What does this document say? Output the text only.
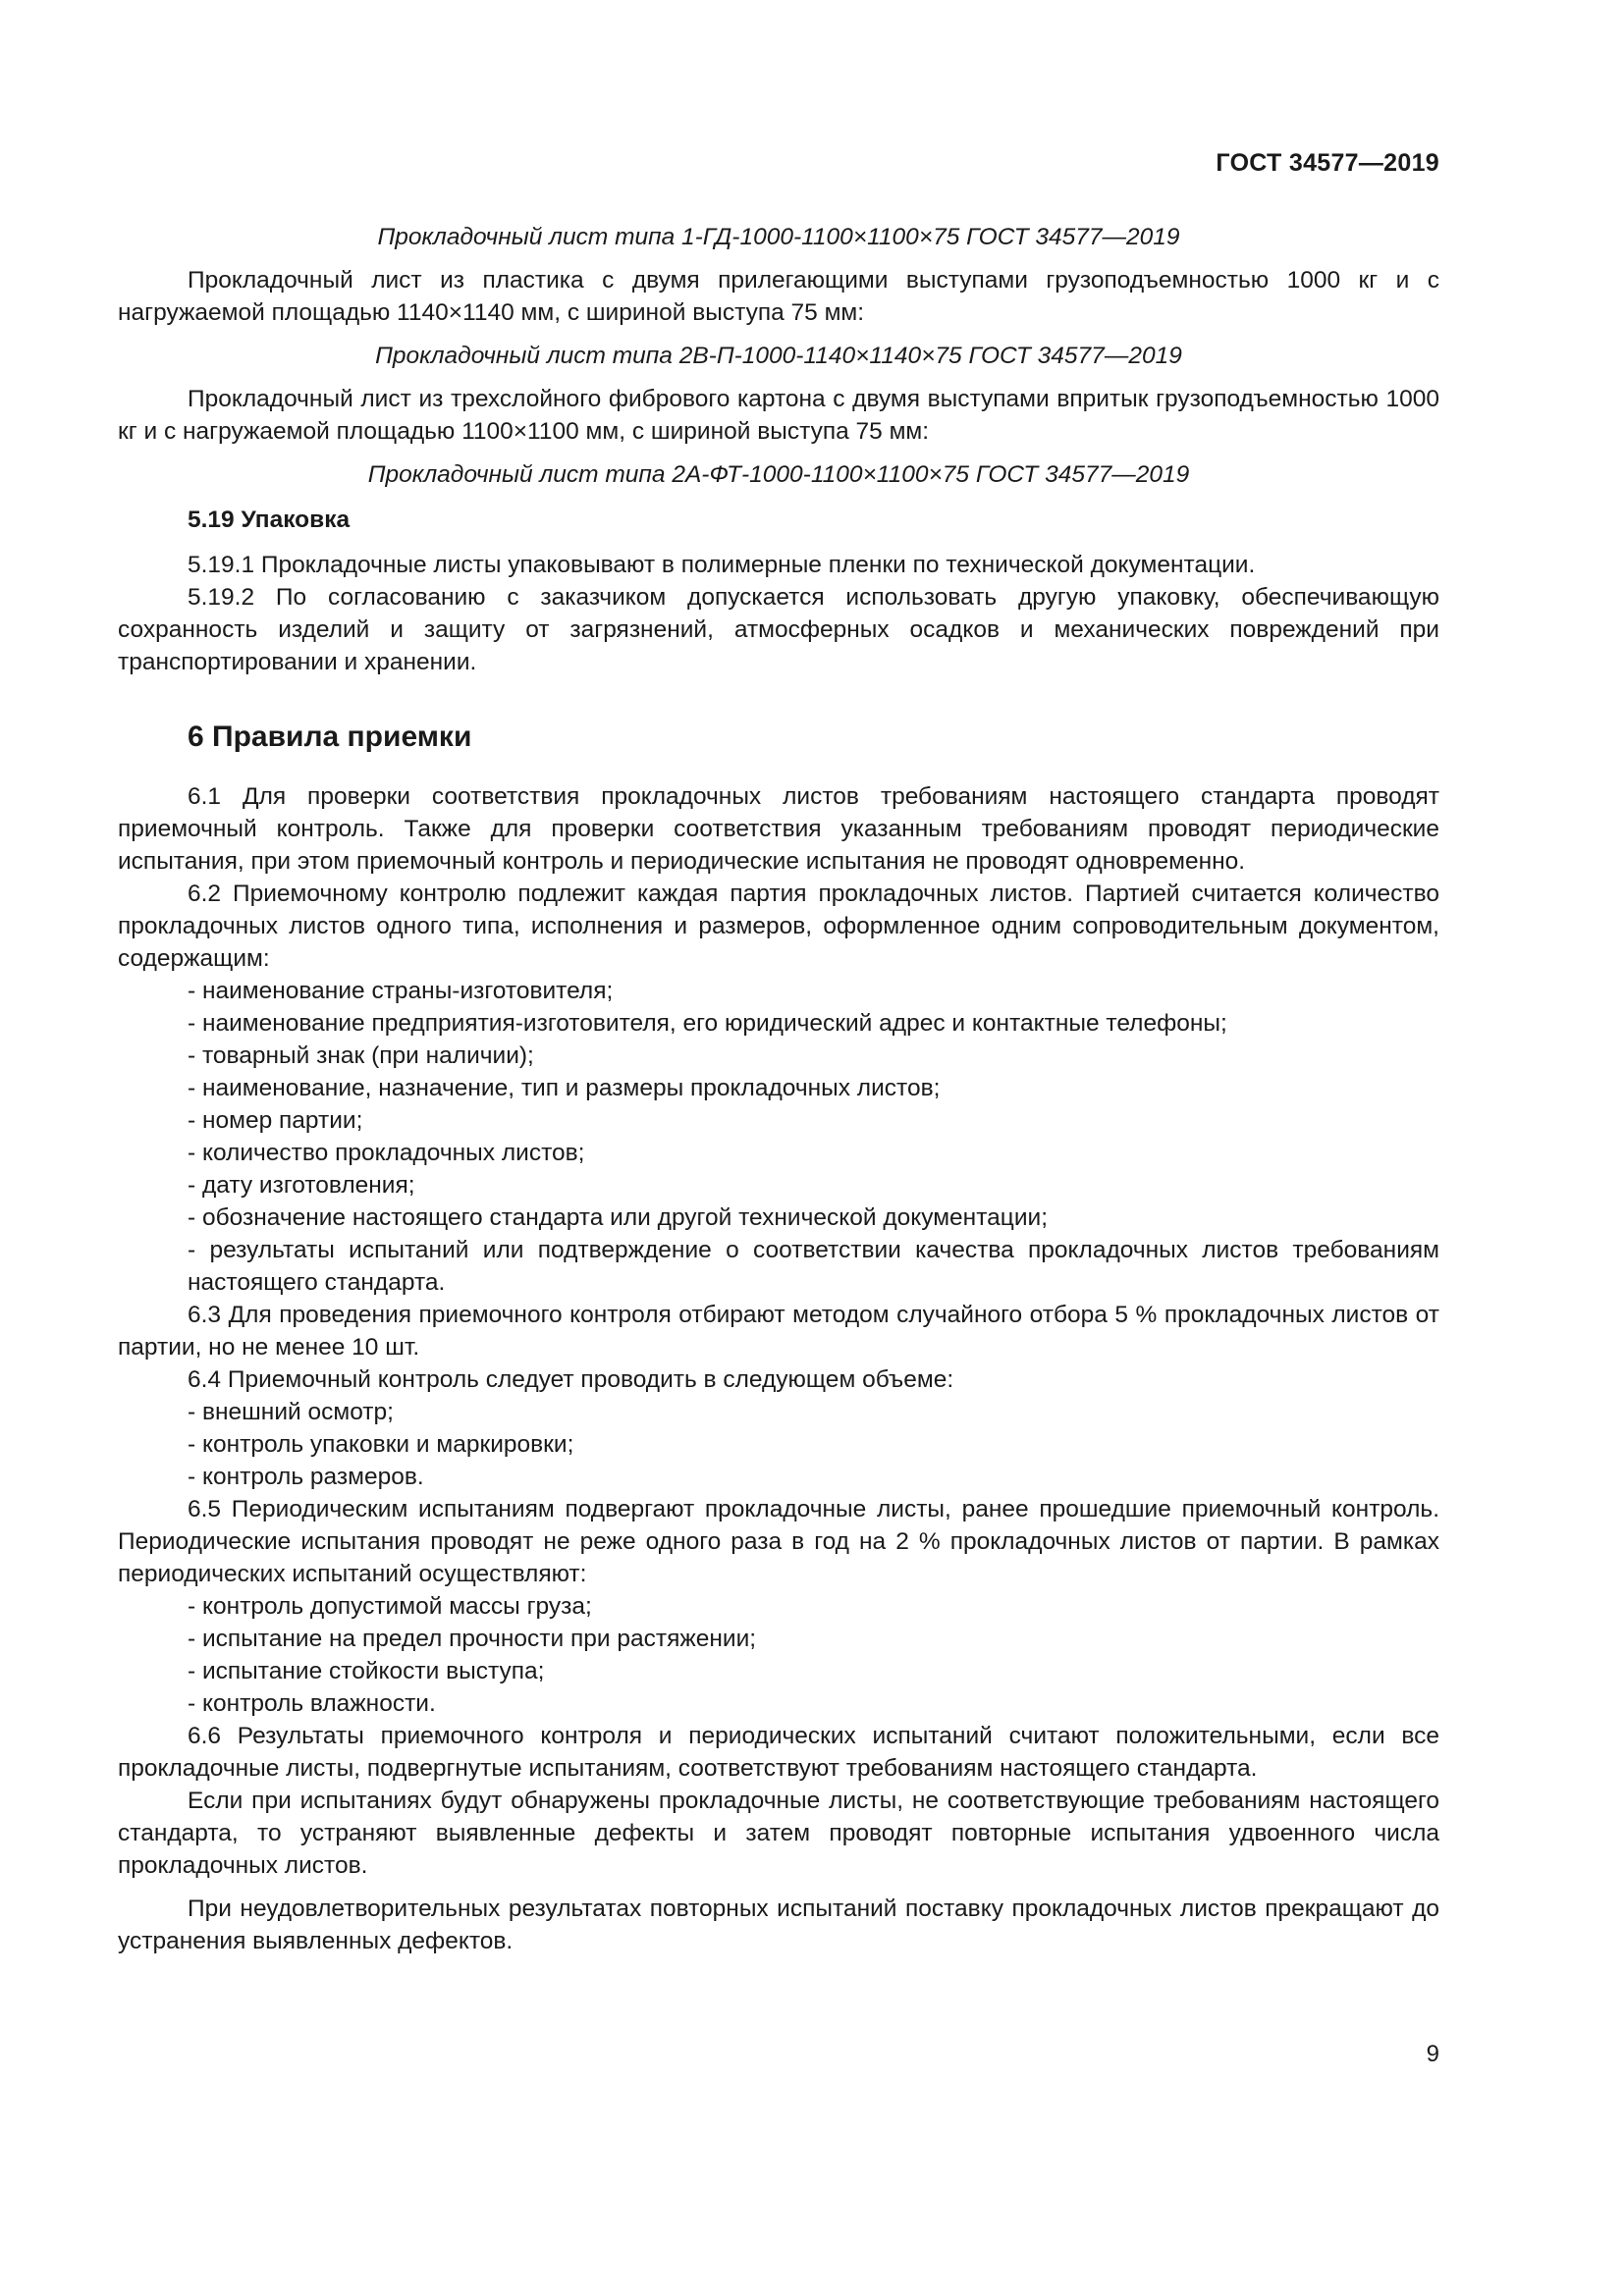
ГОСТ 34577—2019

Прокладочный лист типа 1-ГД-1000-1100×1100×75 ГОСТ 34577—2019

Прокладочный лист из пластика с двумя прилегающими выступами грузоподъемностью 1000 кг и с нагружаемой площадью 1140×1140 мм, с шириной выступа 75 мм:

Прокладочный лист типа 2В-П-1000-1140×1140×75 ГОСТ 34577—2019

Прокладочный лист из трехслойного фибрового картона с двумя выступами впритык грузоподъемностью 1000 кг и с нагружаемой площадью 1100×1100 мм, с шириной выступа 75 мм:

Прокладочный лист типа 2А-ФТ-1000-1100×1100×75 ГОСТ 34577—2019

5.19 Упаковка

5.19.1 Прокладочные листы упаковывают в полимерные пленки по технической документации.

5.19.2 По согласованию с заказчиком допускается использовать другую упаковку, обеспечивающую сохранность изделий и защиту от загрязнений, атмосферных осадков и механических повреждений при транспортировании и хранении.

6 Правила приемки

6.1 Для проверки соответствия прокладочных листов требованиям настоящего стандарта проводят приемочный контроль. Также для проверки соответствия указанным требованиям проводят периодические испытания, при этом приемочный контроль и периодические испытания не проводят одновременно.

6.2 Приемочному контролю подлежит каждая партия прокладочных листов. Партией считается количество прокладочных листов одного типа, исполнения и размеров, оформленное одним сопроводительным документом, содержащим:

- наименование страны-изготовителя;
- наименование предприятия-изготовителя, его юридический адрес и контактные телефоны;
- товарный знак (при наличии);
- наименование, назначение, тип и размеры прокладочных листов;
- номер партии;
- количество прокладочных листов;
- дату изготовления;
- обозначение настоящего стандарта или другой технической документации;
- результаты испытаний или подтверждение о соответствии качества прокладочных листов требованиям настоящего стандарта.

6.3 Для проведения приемочного контроля отбирают методом случайного отбора 5 % прокладочных листов от партии, но не менее 10 шт.

6.4 Приемочный контроль следует проводить в следующем объеме:

- внешний осмотр;
- контроль упаковки и маркировки;
- контроль размеров.

6.5 Периодическим испытаниям подвергают прокладочные листы, ранее прошедшие приемочный контроль. Периодические испытания проводят не реже одного раза в год на 2 % прокладочных листов от партии. В рамках периодических испытаний осуществляют:

- контроль допустимой массы груза;
- испытание на предел прочности при растяжении;
- испытание стойкости выступа;
- контроль влажности.

6.6 Результаты приемочного контроля и периодических испытаний считают положительными, если все прокладочные листы, подвергнутые испытаниям, соответствуют требованиям настоящего стандарта.

Если при испытаниях будут обнаружены прокладочные листы, не соответствующие требованиям настоящего стандарта, то устраняют выявленные дефекты и затем проводят повторные испытания удвоенного числа прокладочных листов.

При неудовлетворительных результатах повторных испытаний поставку прокладочных листов прекращают до устранения выявленных дефектов.

9
